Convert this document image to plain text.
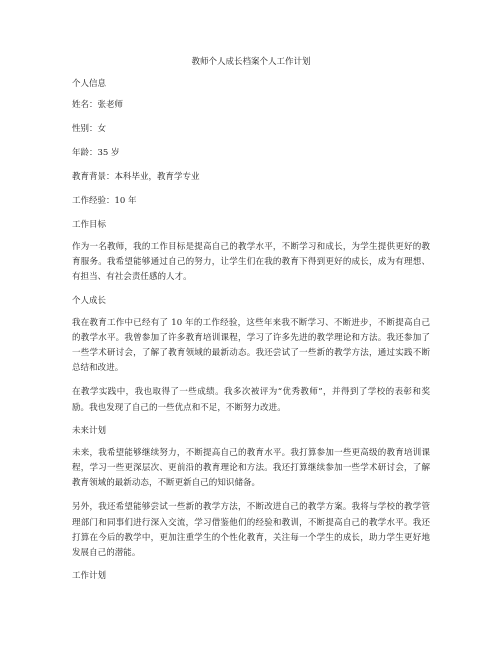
教师个人成长档案个人工作计划
个人信息
姓名：张老师
性别：女
年龄：35 岁
教育背景：本科毕业，教育学专业
工作经验：10 年
工作目标
作为一名教师，我的工作目标是提高自己的教学水平，不断学习和成长，为学生提供更好的教育服务。我希望能够通过自己的努力，让学生们在我的教育下得到更好的成长，成为有理想、有担当、有社会责任感的人才。
个人成长
我在教育工作中已经有了 10 年的工作经验，这些年来我不断学习、不断进步，不断提高自己的教学水平。我曾参加了许多教育培训课程，学习了许多先进的教学理论和方法。我还参加了一些学术研讨会，了解了教育领域的最新动态。我还尝试了一些新的教学方法，通过实践不断总结和改进。
在教学实践中，我也取得了一些成绩。我多次被评为“优秀教师”，并得到了学校的表彰和奖励。我也发现了自己的一些优点和不足，不断努力改进。
未来计划
未来，我希望能够继续努力，不断提高自己的教育水平。我打算参加一些更高级的教育培训课程，学习一些更深层次、更前沿的教育理论和方法。我还打算继续参加一些学术研讨会，了解教育领域的最新动态，不断更新自己的知识储备。
另外，我还希望能够尝试一些新的教学方法，不断改进自己的教学方案。我将与学校的教学管理部门和同事们进行深入交流，学习借鉴他们的经验和教训，不断提高自己的教学水平。我还打算在今后的教学中，更加注重学生的个性化教育，关注每一个学生的成长，助力学生更好地发展自己的潜能。
工作计划
